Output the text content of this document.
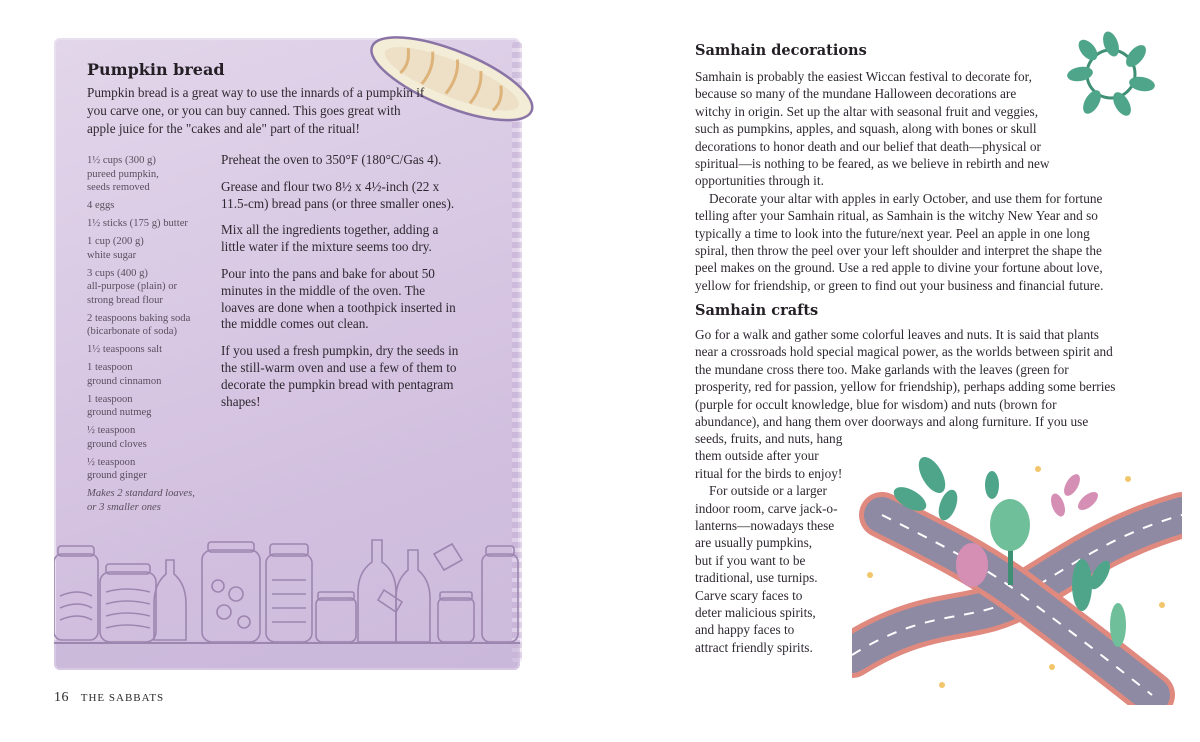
Pumpkin bread

Pumpkin bread is a great way to use the innards of a pumpkin if you carve one, or you can buy canned. This goes great with apple juice for the "cakes and ale" part of the ritual!

1½ cups (300 g)
pureed pumpkin,
seeds removed
4 eggs
1½ sticks (175 g) butter
1 cup (200 g)
white sugar
3 cups (400 g)
all-purpose (plain) or
strong bread flour
2 teaspoons baking soda
(bicarbonate of soda)
1½ teaspoons salt
1 teaspoon
ground cinnamon
1 teaspoon
ground nutmeg
½ teaspoon
ground cloves
½ teaspoon
ground ginger
Makes 2 standard loaves,
or 3 smaller ones

Preheat the oven to 350°F (180°C/Gas 4).

Grease and flour two 8½ x 4½-inch (22 x 11.5-cm) bread pans (or three smaller ones).

Mix all the ingredients together, adding a little water if the mixture seems too dry.

Pour into the pans and bake for about 50 minutes in the middle of the oven. The loaves are done when a toothpick inserted in the middle comes out clean.

If you used a fresh pumpkin, dry the seeds in the still-warm oven and use a few of them to decorate the pumpkin bread with pentagram shapes!

16 THE SABBATS
Samhain decorations

Samhain is probably the easiest Wiccan festival to decorate for, because so many of the mundane Halloween decorations are witchy in origin. Set up the altar with seasonal fruit and veggies, such as pumpkins, apples, and squash, along with bones or skull decorations to honor death and our belief that death—physical or spiritual—is nothing to be feared, as we believe in rebirth and new opportunities through it.

Decorate your altar with apples in early October, and use them for fortune telling after your Samhain ritual, as Samhain is the witchy New Year and so typically a time to look into the future/next year. Peel an apple in one long spiral, then throw the peel over your left shoulder and interpret the shape the peel makes on the ground. Use a red apple to divine your fortune about love, yellow for friendship, or green to find out your business and financial future.

Samhain crafts

Go for a walk and gather some colorful leaves and nuts. It is said that plants near a crossroads hold special magical power, as the worlds between spirit and the mundane cross there too. Make garlands with the leaves (green for prosperity, red for passion, yellow for friendship), perhaps adding some berries (purple for occult knowledge, blue for wisdom) and nuts (brown for abundance), and hang them over doorways and along furniture. If you use

seeds, fruits, and nuts, hang
them outside after your
ritual for the birds to enjoy!
For outside or a larger
indoor room, carve jack-o-
lanterns—nowadays these
are usually pumpkins,
but if you want to be
traditional, use turnips.
Carve scary faces to
deter malicious spirits,
and happy faces to
attract friendly spirits.
